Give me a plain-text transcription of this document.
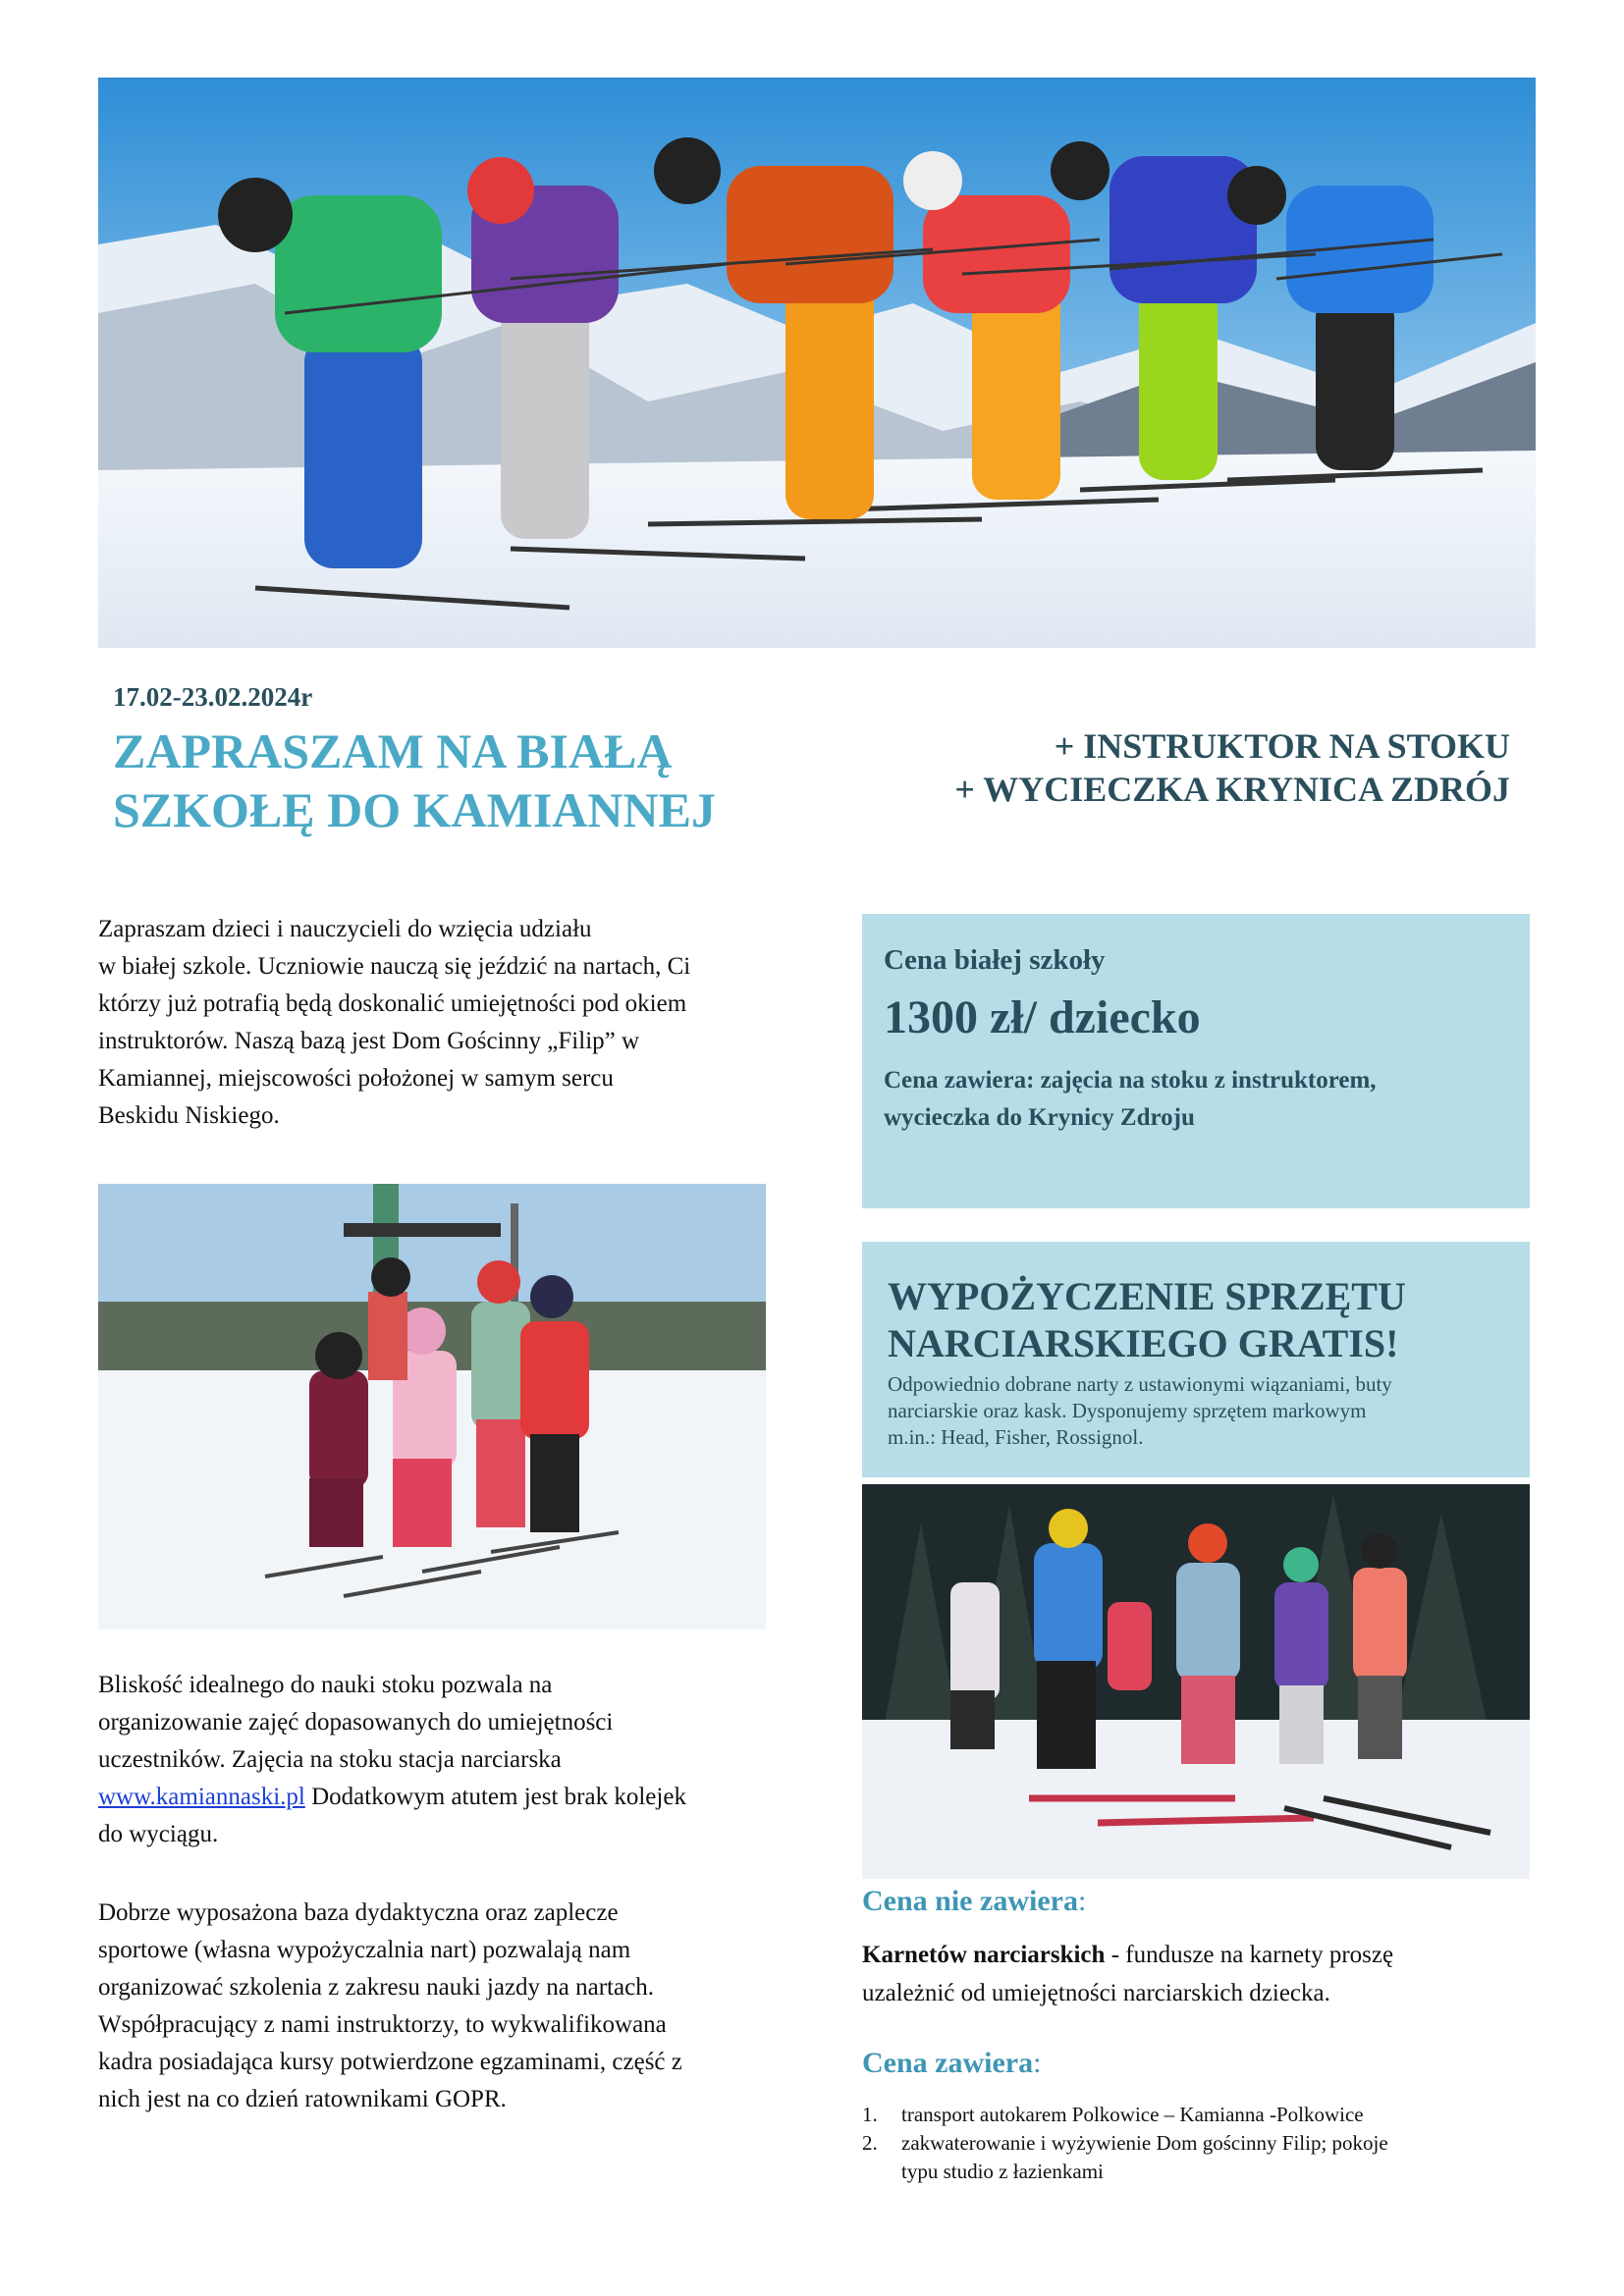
17.02-23.02.2024r
ZAPRASZAM NA BIAŁĄ
SZKOŁĘ DO KAMIANNEJ
+ INSTRUKTOR NA STOKU
+ WYCIECZKA KRYNICA ZDRÓJ
Zapraszam dzieci i nauczycieli do wzięcia udziału
w białej szkole. Uczniowie nauczą się jeździć na nartach, Ci
którzy już potrafią będą doskonalić umiejętności pod okiem
instruktorów. Naszą bazą jest Dom Gościnny „Filip” w
Kamiannej, miejscowości położonej w samym sercu
Beskidu Niskiego.
Bliskość idealnego do nauki stoku pozwala na
organizowanie zajęć dopasowanych do umiejętności
uczestników. Zajęcia na stoku stacja narciarska
www.kamiannaski.pl Dodatkowym atutem jest brak kolejek
do wyciągu.
Dobrze wyposażona baza dydaktyczna oraz zaplecze
sportowe (własna wypożyczalnia nart) pozwalają nam
organizować szkolenia z zakresu nauki jazdy na nartach.
Współpracujący z nami instruktorzy, to wykwalifikowana
kadra posiadająca kursy potwierdzone egzaminami, część z
nich jest na co dzień ratownikami GOPR.
Cena białej szkoły
1300 zł/ dziecko
Cena zawiera: zajęcia na stoku z instruktorem,
wycieczka do Krynicy Zdroju
WYPOŻYCZENIE SPRZĘTU
NARCIARSKIEGO GRATIS!
Odpowiednio dobrane narty z ustawionymi wiązaniami, buty
narciarskie oraz kask. Dysponujemy sprzętem markowym
m.in.: Head, Fisher, Rossignol.
Cena nie zawiera:
Karnetów narciarskich - fundusze na karnety proszę
uzależnić od umiejętności narciarskich dziecka.
Cena zawiera:
1. transport autokarem Polkowice – Kamianna -Polkowice
2. zakwaterowanie i wyżywienie Dom gościnny Filip; pokoje
typu studio z łazienkami
